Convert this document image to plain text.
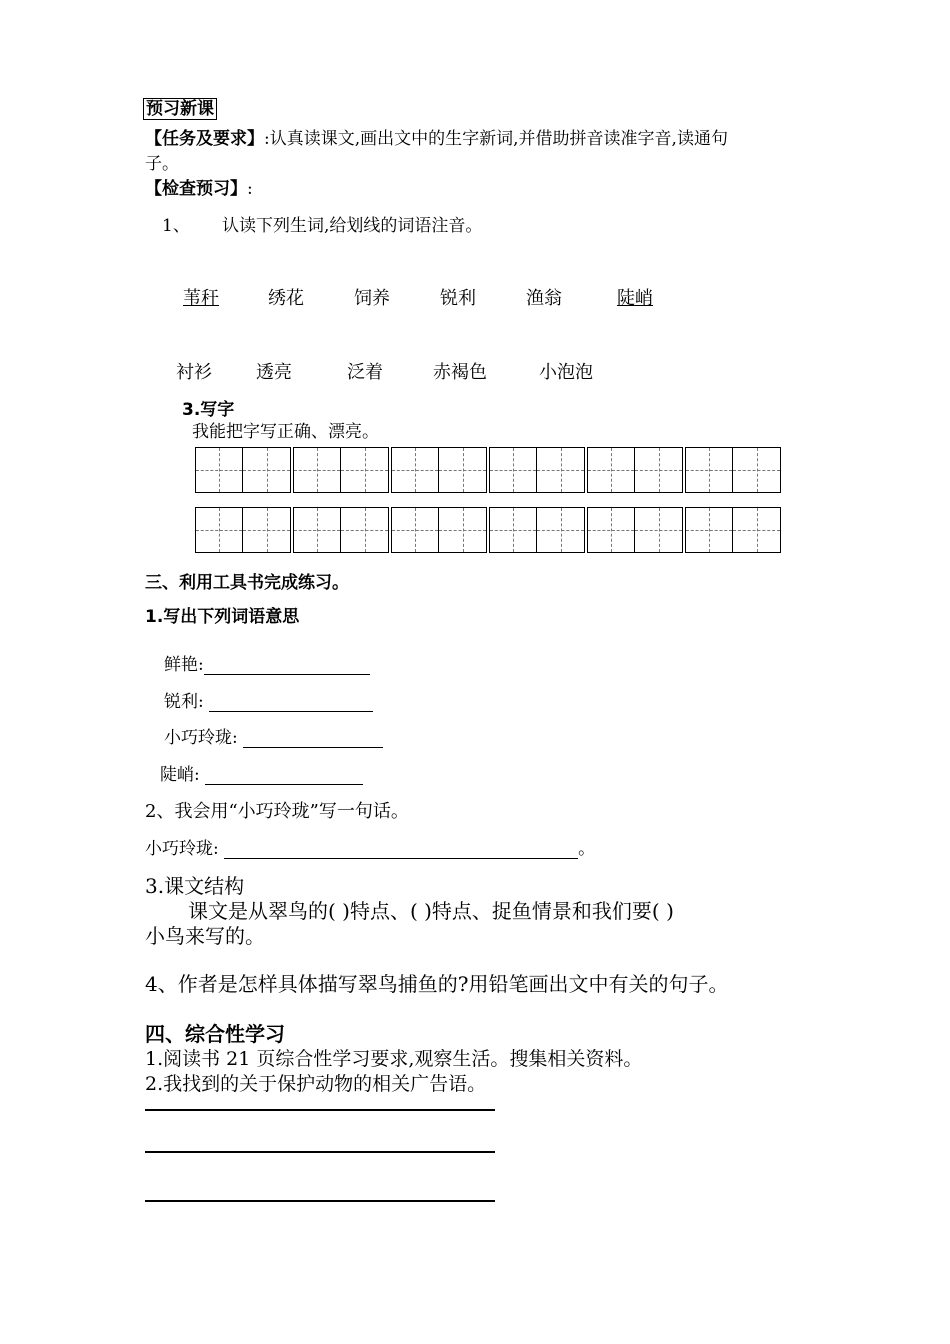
预习新课
【任务及要求】:认真读课文,画出文中的生字新词,并借助拼音读准字音,读通句
子。
【检查预习】:
1、 认读下列生词,给划线的词语注音。
苇秆	绣花	饲养	锐利	渔翁	陡峭
衬衫 透亮	泛着	赤褐色	小泡泡
3.写字
我能把字写正确、漂亮。
三、利用工具书完成练习。
1.写出下列词语意思
鲜艳:
锐利:
小巧玲珑:
陡峭:
2、我会用“小巧玲珑”写一句话。
小巧玲珑:	。
3.课文结构
课文是从翠鸟的( )特点、( )特点、捉鱼情景和我们要( )
小鸟来写的。
4、作者是怎样具体描写翠鸟捕鱼的?用铅笔画出文中有关的句子。
四、综合性学习
1.阅读书 21 页综合性学习要求,观察生活。搜集相关资料。
2.我找到的关于保护动物的相关广告语。
